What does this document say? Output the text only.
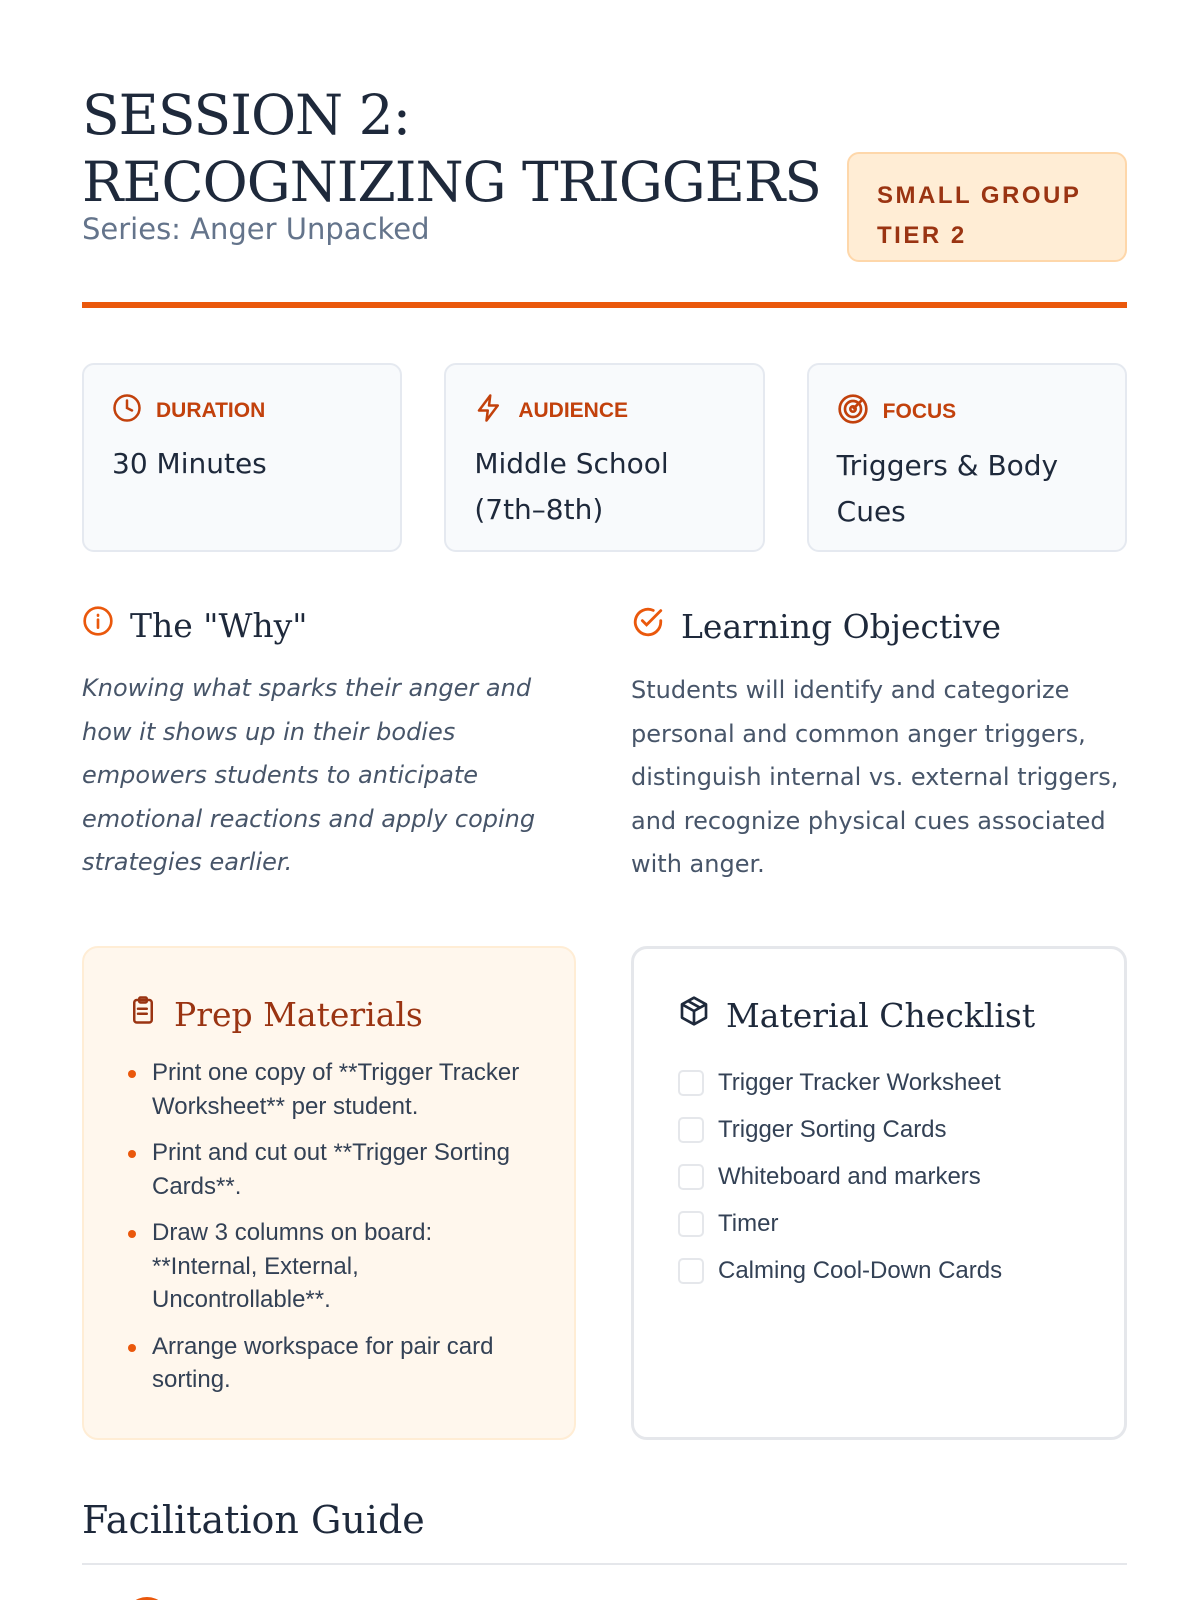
SESSION 2: RECOGNIZING TRIGGERS
Series: Anger Unpacked
SMALL GROUP
TIER 2
DURATION
30 Minutes
AUDIENCE
Middle School (7th–8th)
FOCUS
Triggers & Body Cues
The "Why"

Knowing what sparks their anger and how it shows up in their bodies empowers students to anticipate emotional reactions and apply coping strategies earlier.

Learning Objective

Students will identify and categorize personal and common anger triggers, distinguish internal vs. external triggers, and recognize physical cues associated with anger.

Prep Materials
Print one copy of **Trigger Tracker Worksheet** per student.
Print and cut out **Trigger Sorting Cards**.
Draw 3 columns on board: **Internal, External, Uncontrollable**.
Arrange workspace for pair card sorting.
Material Checklist
Trigger Tracker Worksheet
Trigger Sorting Cards
Whiteboard and markers
Timer
Calming Cool-Down Cards
Facilitation Guide
